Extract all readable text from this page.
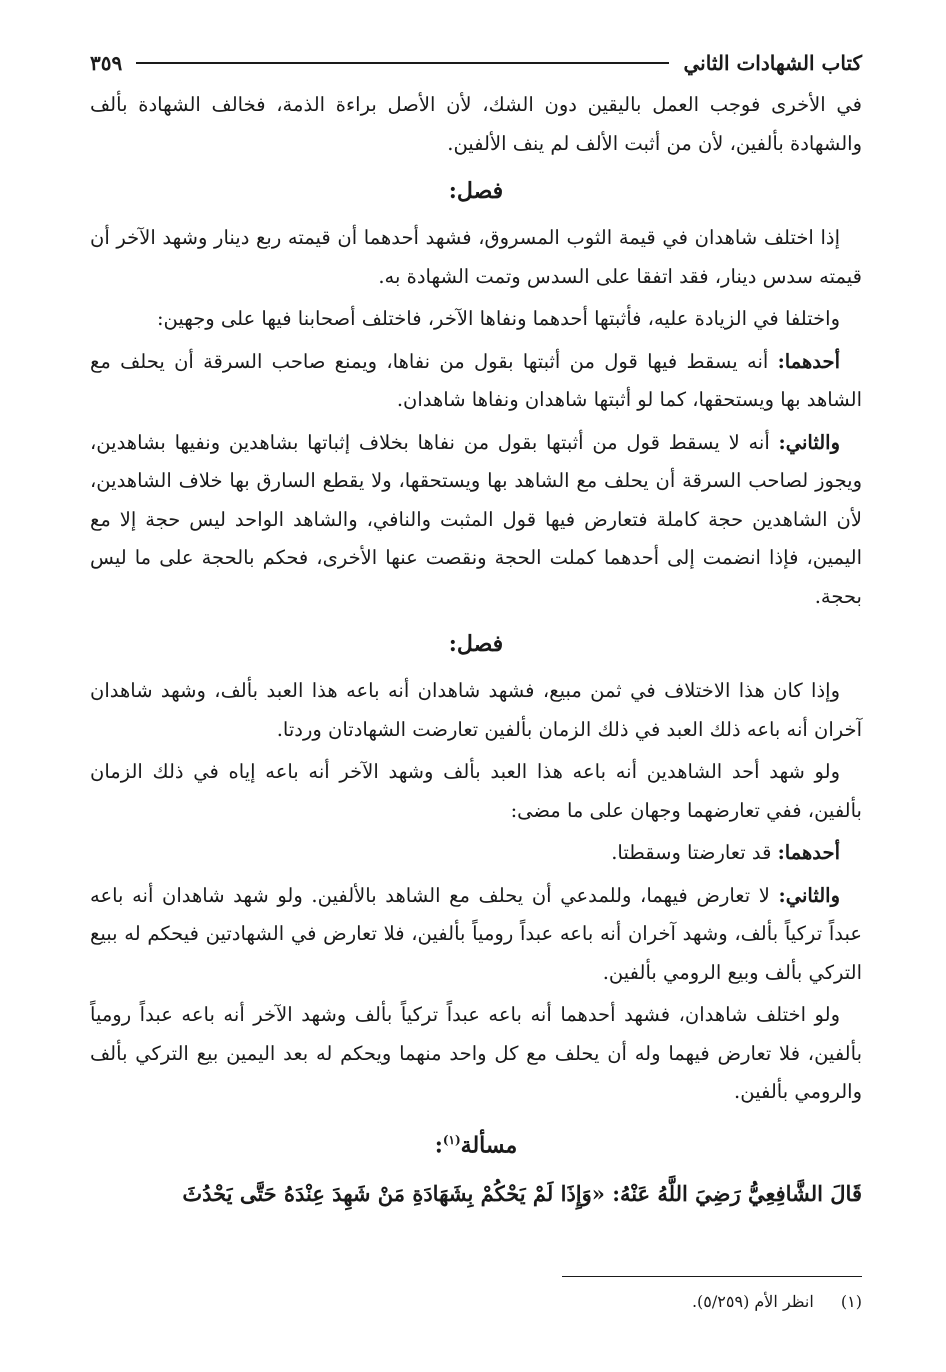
كتاب الشهادات الثاني
٣٥٩

في الأخرى فوجب العمل باليقين دون الشك، لأن الأصل براءة الذمة، فخالف الشهادة بألف والشهادة بألفين، لأن من أثبت الألف لم ينف الألفين.

فصل:

إذا اختلف شاهدان في قيمة الثوب المسروق، فشهد أحدهما أن قيمته ربع دينار وشهد الآخر أن قيمته سدس دينار، فقد اتفقا على السدس وتمت الشهادة به.

واختلفا في الزيادة عليه، فأثبتها أحدهما ونفاها الآخر، فاختلف أصحابنا فيها على وجهين:

أحدهما: أنه يسقط فيها قول من أثبتها بقول من نفاها، ويمنع صاحب السرقة أن يحلف مع الشاهد بها ويستحقها، كما لو أثبتها شاهدان ونفاها شاهدان.

والثاني: أنه لا يسقط قول من أثبتها بقول من نفاها بخلاف إثباتها بشاهدين ونفيها بشاهدين، ويجوز لصاحب السرقة أن يحلف مع الشاهد بها ويستحقها، ولا يقطع السارق بها خلاف الشاهدين، لأن الشاهدين حجة كاملة فتعارض فيها قول المثبت والنافي، والشاهد الواحد ليس حجة إلا مع اليمين، فإذا انضمت إلى أحدهما كملت الحجة ونقصت عنها الأخرى، فحكم بالحجة على ما ليس بحجة.

فصل:

وإذا كان هذا الاختلاف في ثمن مبيع، فشهد شاهدان أنه باعه هذا العبد بألف، وشهد شاهدان آخران أنه باعه ذلك العبد في ذلك الزمان بألفين تعارضت الشهادتان وردتا.

ولو شهد أحد الشاهدين أنه باعه هذا العبد بألف وشهد الآخر أنه باعه إياه في ذلك الزمان بألفين، ففي تعارضهما وجهان على ما مضى:

أحدهما: قد تعارضتا وسقطتا.

والثاني: لا تعارض فيهما، وللمدعي أن يحلف مع الشاهد بالألفين. ولو شهد شاهدان أنه باعه عبداً تركياً بألف، وشهد آخران أنه باعه عبداً رومياً بألفين، فلا تعارض في الشهادتين فيحكم له ببيع التركي بألف وبيع الرومي بألفين.

ولو اختلف شاهدان، فشهد أحدهما أنه باعه عبداً تركياً بألف وشهد الآخر أنه باعه عبداً رومياً بألفين، فلا تعارض فيهما وله أن يحلف مع كل واحد منهما ويحكم له بعد اليمين بيع التركي بألف والرومي بألفين.

مسألة$^{(١)}$:
قَالَ الشَّافِعِيُّ رَضِيَ اللَّهُ عَنْهُ: «وَإِذَا لَمْ يَحْكُمْ بِشَهَادَةِ مَنْ شَهِدَ عِنْدَهُ حَتَّى يَحْدُثَ
(١) انظر الأم (٥/٢٥٩).
